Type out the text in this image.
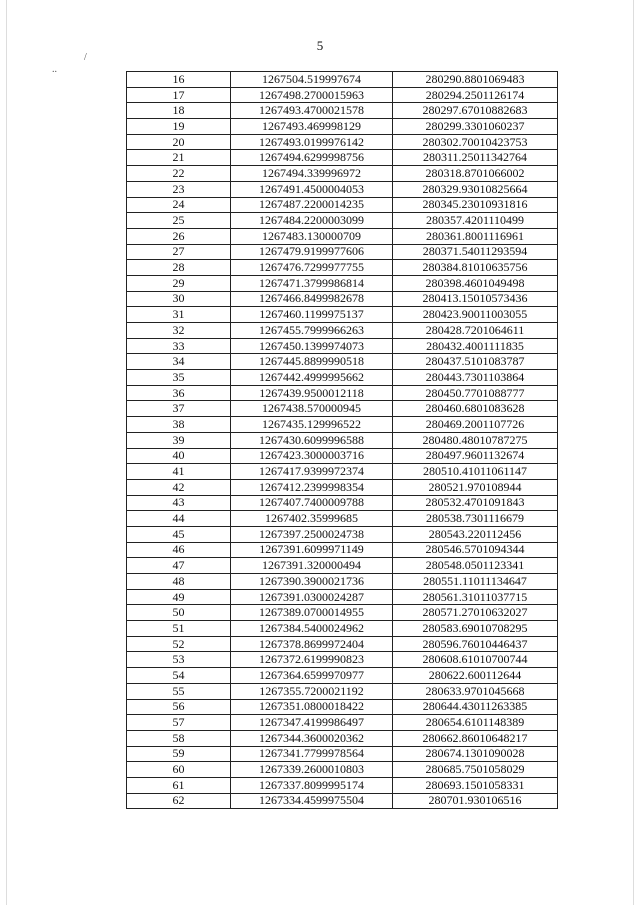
5
..
/
16	1267504.519997674	280290.8801069483
17	1267498.2700015963	280294.2501126174
18	1267493.4700021578	280297.67010882683
19	1267493.469998129	280299.3301060237
20	1267493.0199976142	280302.70010423753
21	1267494.6299998756	280311.25011342764
22	1267494.339996972	280318.8701066002
23	1267491.4500004053	280329.93010825664
24	1267487.2200014235	280345.23010931816
25	1267484.2200003099	280357.4201110499
26	1267483.130000709	280361.8001116961
27	1267479.9199977606	280371.54011293594
28	1267476.7299977755	280384.81010635756
29	1267471.3799986814	280398.4601049498
30	1267466.8499982678	280413.15010573436
31	1267460.1199975137	280423.90011003055
32	1267455.7999966263	280428.7201064611
33	1267450.1399974073	280432.4001111835
34	1267445.8899990518	280437.5101083787
35	1267442.4999995662	280443.7301103864
36	1267439.9500012118	280450.7701088777
37	1267438.570000945	280460.6801083628
38	1267435.129996522	280469.2001107726
39	1267430.6099996588	280480.48010787275
40	1267423.3000003716	280497.9601132674
41	1267417.9399972374	280510.41011061147
42	1267412.2399998354	280521.970108944
43	1267407.7400009788	280532.4701091843
44	1267402.35999685	280538.7301116679
45	1267397.2500024738	280543.220112456
46	1267391.6099971149	280546.5701094344
47	1267391.320000494	280548.0501123341
48	1267390.3900021736	280551.11011134647
49	1267391.0300024287	280561.31011037715
50	1267389.0700014955	280571.27010632027
51	1267384.5400024962	280583.69010708295
52	1267378.8699972404	280596.76010446437
53	1267372.6199990823	280608.61010700744
54	1267364.6599970977	280622.600112644
55	1267355.7200021192	280633.9701045668
56	1267351.0800018422	280644.43011263385
57	1267347.4199986497	280654.6101148389
58	1267344.3600020362	280662.86010648217
59	1267341.7799978564	280674.1301090028
60	1267339.2600010803	280685.7501058029
61	1267337.8099995174	280693.1501058331
62	1267334.4599975504	280701.930106516
